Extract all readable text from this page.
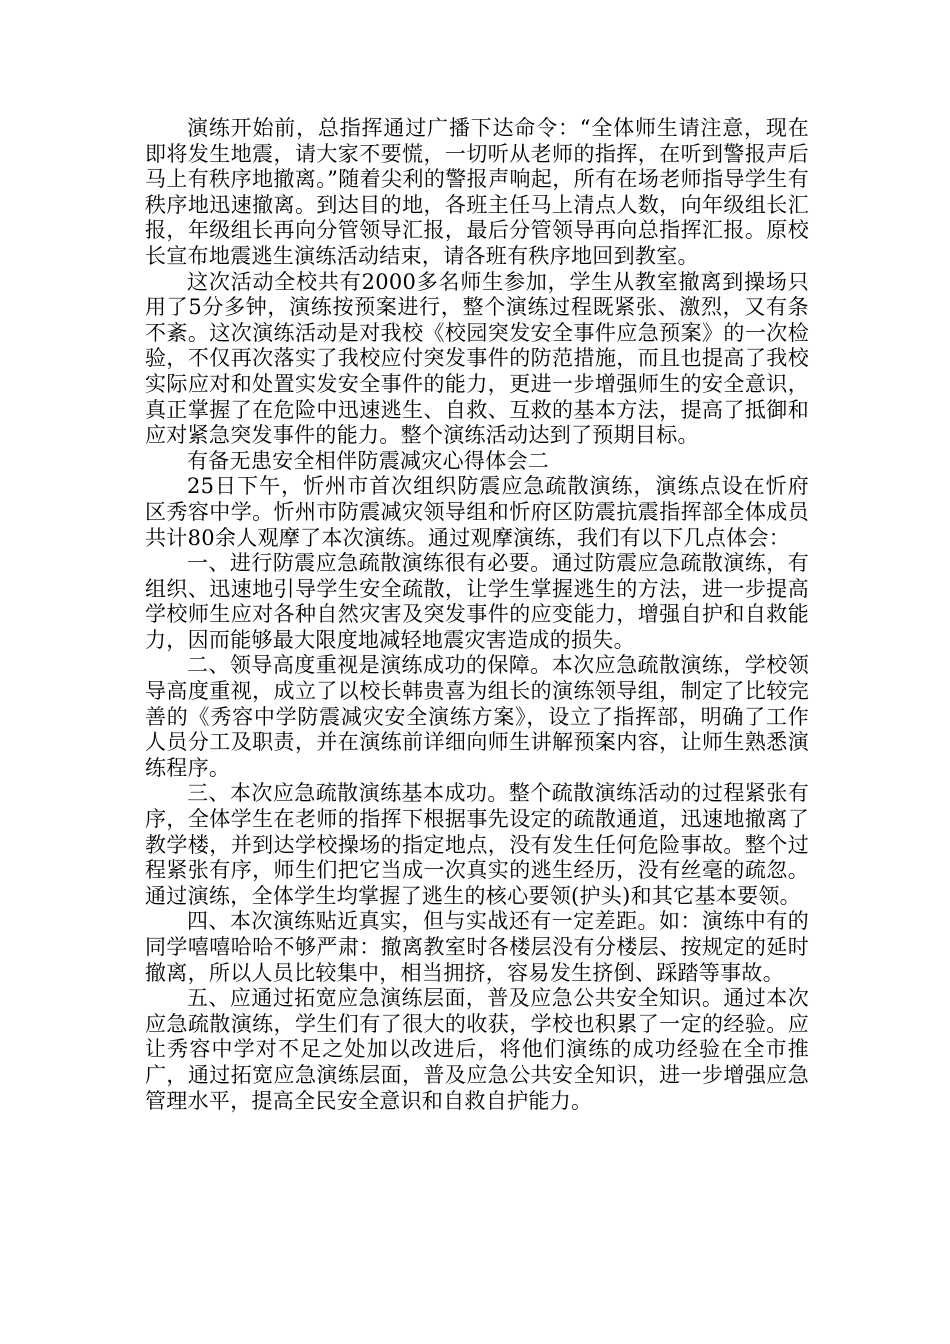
演练开始前，总指挥通过广播下达命令：“全体师生请注意，现在即将发生地震，请大家不要慌，一切听从老师的指挥，在听到警报声后马上有秩序地撤离。”随着尖利的警报声响起，所有在场老师指导学生有秩序地迅速撤离。到达目的地，各班主任马上清点人数，向年级组长汇报，年级组长再向分管领导汇报，最后分管领导再向总指挥汇报。原校长宣布地震逃生演练活动结束，请各班有秩序地回到教室。

这次活动全校共有2000多名师生参加，学生从教室撤离到操场只用了5分多钟，演练按预案进行，整个演练过程既紧张、激烈，又有条不紊。这次演练活动是对我校《校园突发安全事件应急预案》的一次检验，不仅再次落实了我校应付突发事件的防范措施，而且也提高了我校实际应对和处置实发安全事件的能力，更进一步增强师生的安全意识，真正掌握了在危险中迅速逃生、自救、互救的基本方法，提高了抵御和应对紧急突发事件的能力。整个演练活动达到了预期目标。

有备无患安全相伴防震减灾心得体会二

25日下午，忻州市首次组织防震应急疏散演练，演练点设在忻府区秀容中学。忻州市防震减灾领导组和忻府区防震抗震指挥部全体成员共计80余人观摩了本次演练。通过观摩演练，我们有以下几点体会：

一、进行防震应急疏散演练很有必要。通过防震应急疏散演练，有组织、迅速地引导学生安全疏散，让学生掌握逃生的方法，进一步提高学校师生应对各种自然灾害及突发事件的应变能力，增强自护和自救能力，因而能够最大限度地减轻地震灾害造成的损失。

二、领导高度重视是演练成功的保障。本次应急疏散演练，学校领导高度重视，成立了以校长韩贵喜为组长的演练领导组，制定了比较完善的《秀容中学防震减灾安全演练方案》，设立了指挥部，明确了工作人员分工及职责，并在演练前详细向师生讲解预案内容，让师生熟悉演练程序。

三、本次应急疏散演练基本成功。整个疏散演练活动的过程紧张有序，全体学生在老师的指挥下根据事先设定的疏散通道，迅速地撤离了教学楼，并到达学校操场的指定地点，没有发生任何危险事故。整个过程紧张有序，师生们把它当成一次真实的逃生经历，没有丝毫的疏忽。通过演练，全体学生均掌握了逃生的核心要领(护头)和其它基本要领。

四、本次演练贴近真实，但与实战还有一定差距。如：演练中有的同学嘻嘻哈哈不够严肃：撤离教室时各楼层没有分楼层、按规定的延时撤离，所以人员比较集中，相当拥挤，容易发生挤倒、踩踏等事故。

五、应通过拓宽应急演练层面，普及应急公共安全知识。通过本次应急疏散演练，学生们有了很大的收获，学校也积累了一定的经验。应让秀容中学对不足之处加以改进后，将他们演练的成功经验在全市推广，通过拓宽应急演练层面，普及应急公共安全知识，进一步增强应急管理水平，提高全民安全意识和自救自护能力。
